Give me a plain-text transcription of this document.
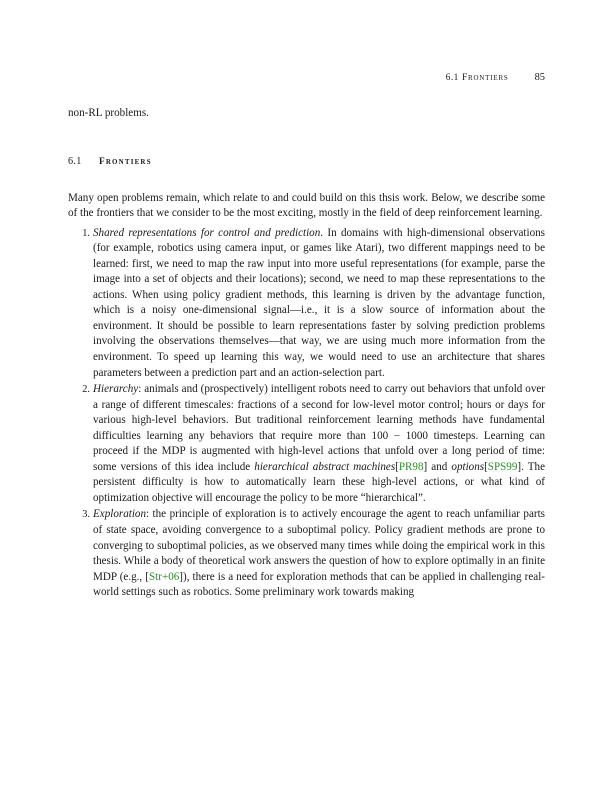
6.1 Frontiers	85

non-RL problems.

6.1	Frontiers

Many open problems remain, which relate to and could build on this thsis work. Below, we describe some of the frontiers that we consider to be the most exciting, mostly in the field of deep reinforcement learning.

1. Shared representations for control and prediction. In domains with high-dimensional observations (for example, robotics using camera input, or games like Atari), two different mappings need to be learned: first, we need to map the raw input into more useful representations (for example, parse the image into a set of objects and their locations); second, we need to map these representations to the actions. When using policy gradient methods, this learning is driven by the advantage function, which is a noisy one-dimensional signal—i.e., it is a slow source of information about the environment. It should be possible to learn representations faster by solving prediction problems involving the observations themselves—that way, we are using much more information from the environment. To speed up learning this way, we would need to use an architecture that shares parameters between a prediction part and an action-selection part.

2. Hierarchy: animals and (prospectively) intelligent robots need to carry out behaviors that unfold over a range of different timescales: fractions of a second for low-level motor control; hours or days for various high-level behaviors. But traditional reinforcement learning methods have fundamental difficulties learning any behaviors that require more than 100 − 1000 timesteps. Learning can proceed if the MDP is augmented with high-level actions that unfold over a long period of time: some versions of this idea include hierarchical abstract machines[PR98] and options[SPS99]. The persistent difficulty is how to automatically learn these high-level actions, or what kind of optimization objective will encourage the policy to be more “hierarchical”.

3. Exploration: the principle of exploration is to actively encourage the agent to reach unfamiliar parts of state space, avoiding convergence to a suboptimal policy. Policy gradient methods are prone to converging to suboptimal policies, as we observed many times while doing the empirical work in this thesis. While a body of theoretical work answers the question of how to explore optimally in an finite MDP (e.g., [Str+06]), there is a need for exploration methods that can be applied in challenging real-world settings such as robotics. Some preliminary work towards making
